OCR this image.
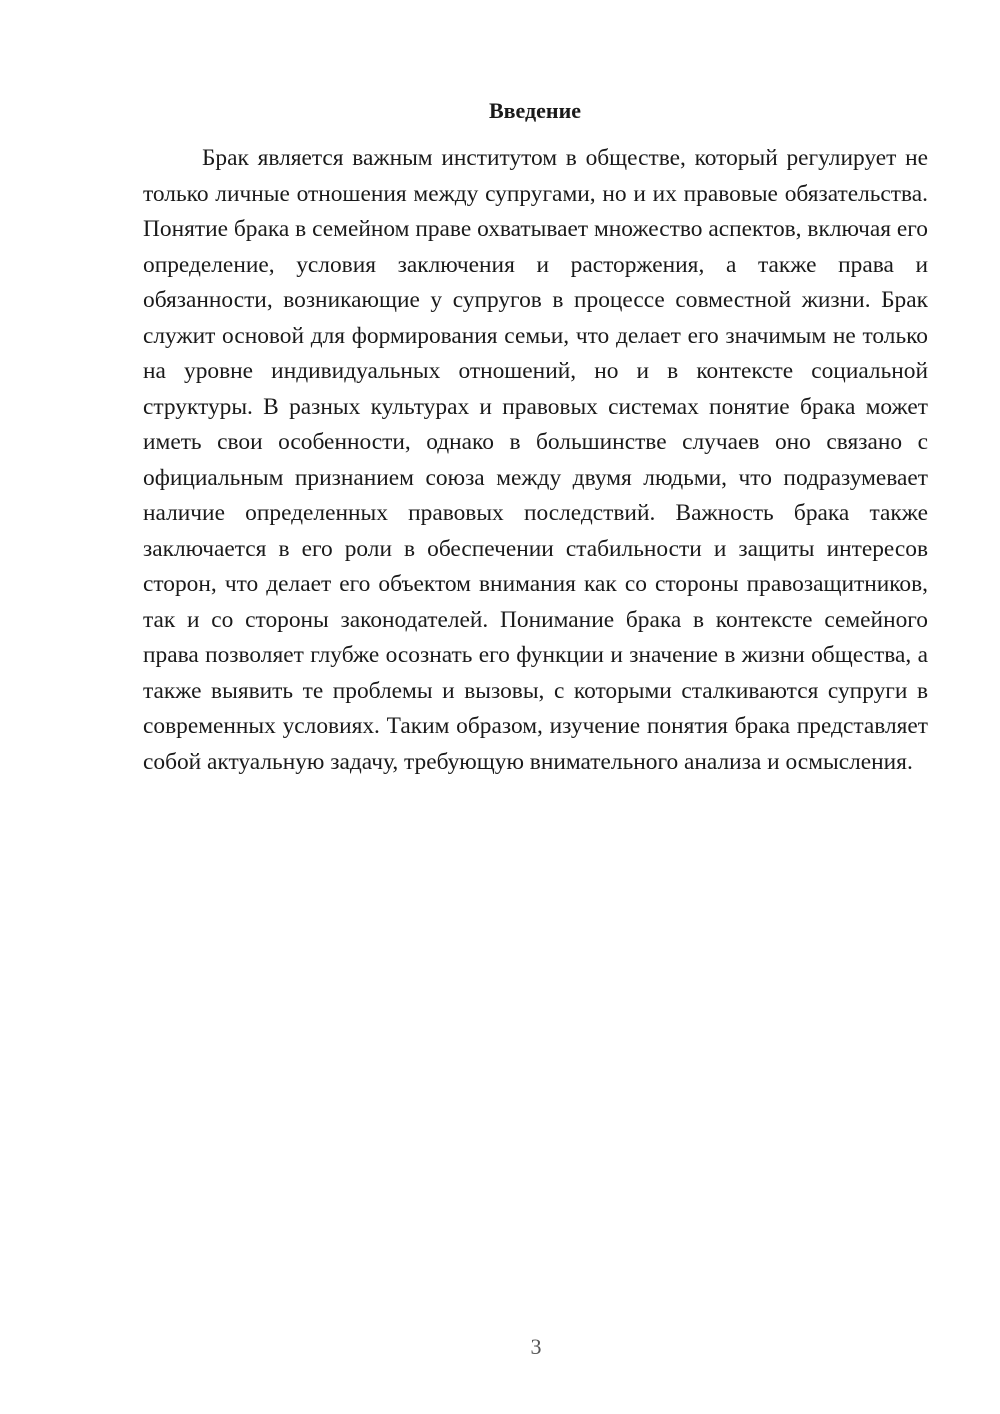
Введение

Брак является важным институтом в обществе, который регулирует не только личные отношения между супругами, но и их правовые обязательства. Понятие брака в семейном праве охватывает множество аспектов, включая его определение, условия заключения и расторжения, а также права и обязанности, возникающие у супругов в процессе совместной жизни. Брак служит основой для формирования семьи, что делает его значимым не только на уровне индивидуальных отношений, но и в контексте социальной структуры. В разных культурах и правовых системах понятие брака может иметь свои особенности, однако в большинстве случаев оно связано с официальным признанием союза между двумя людьми, что подразумевает наличие определенных правовых последствий. Важность брака также заключается в его роли в обеспечении стабильности и защиты интересов сторон, что делает его объектом внимания как со стороны правозащитников, так и со стороны законодателей. Понимание брака в контексте семейного права позволяет глубже осознать его функции и значение в жизни общества, а также выявить те проблемы и вызовы, с которыми сталкиваются супруги в современных условиях. Таким образом, изучение понятия брака представляет собой актуальную задачу, требующую внимательного анализа и осмысления.

3
